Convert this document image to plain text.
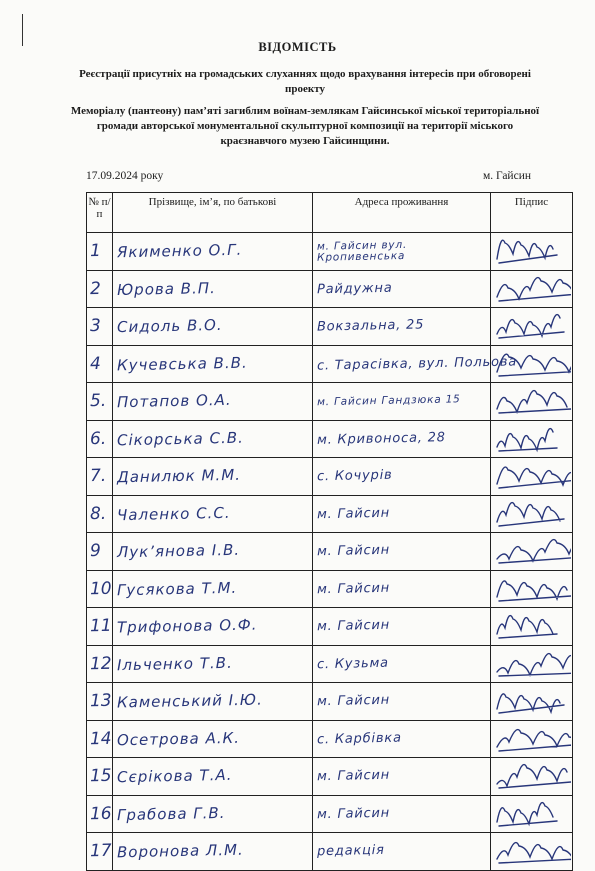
ВІДОМІСТЬ
Реєстрації присутніх на громадських слуханнях щодо врахування інтересів при обговорені проекту
Меморіалу (пантеону) пам’яті загиблим воїнам-землякам Гайсинської міської територіальної громади авторської монументальної скульптурної композиції на території міського краєзнавчого музею Гайсинщини.
17.09.2024 року	м. Гайсин
№ п/п	Прізвище, ім’я, по батькові	Адреса проживання	Підпис

1	Якименко О.Г.	м. Гайсин вул. Кропивенська

2	Юрова В.П.	Райдужна

3	Сидоль В.О.	Вокзальна, 25

4	Кучевська В.В.	с. Тарасівка, вул. Польова

5.	Потапов О.А.	м. Гайсин Гандзюка 15

6.	Сікорська С.В.	м. Кривоноса, 28

7.	Данилюк М.М.	с. Кочурів

8.	Чаленко С.С.	м. Гайсин

9	Лук’янова І.В.	м. Гайсин

10	Гусякова Т.М.	м. Гайсин

11	Трифонова О.Ф.	м. Гайсин

12	Ільченко Т.В.	с. Кузьма

13	Каменський І.Ю.	м. Гайсин

14	Осетрова А.К.	с. Карбівка

15	Сєрікова Т.А.	м. Гайсин

16	Грабова Г.В.	м. Гайсин

17	Воронова Л.М.	редакція
